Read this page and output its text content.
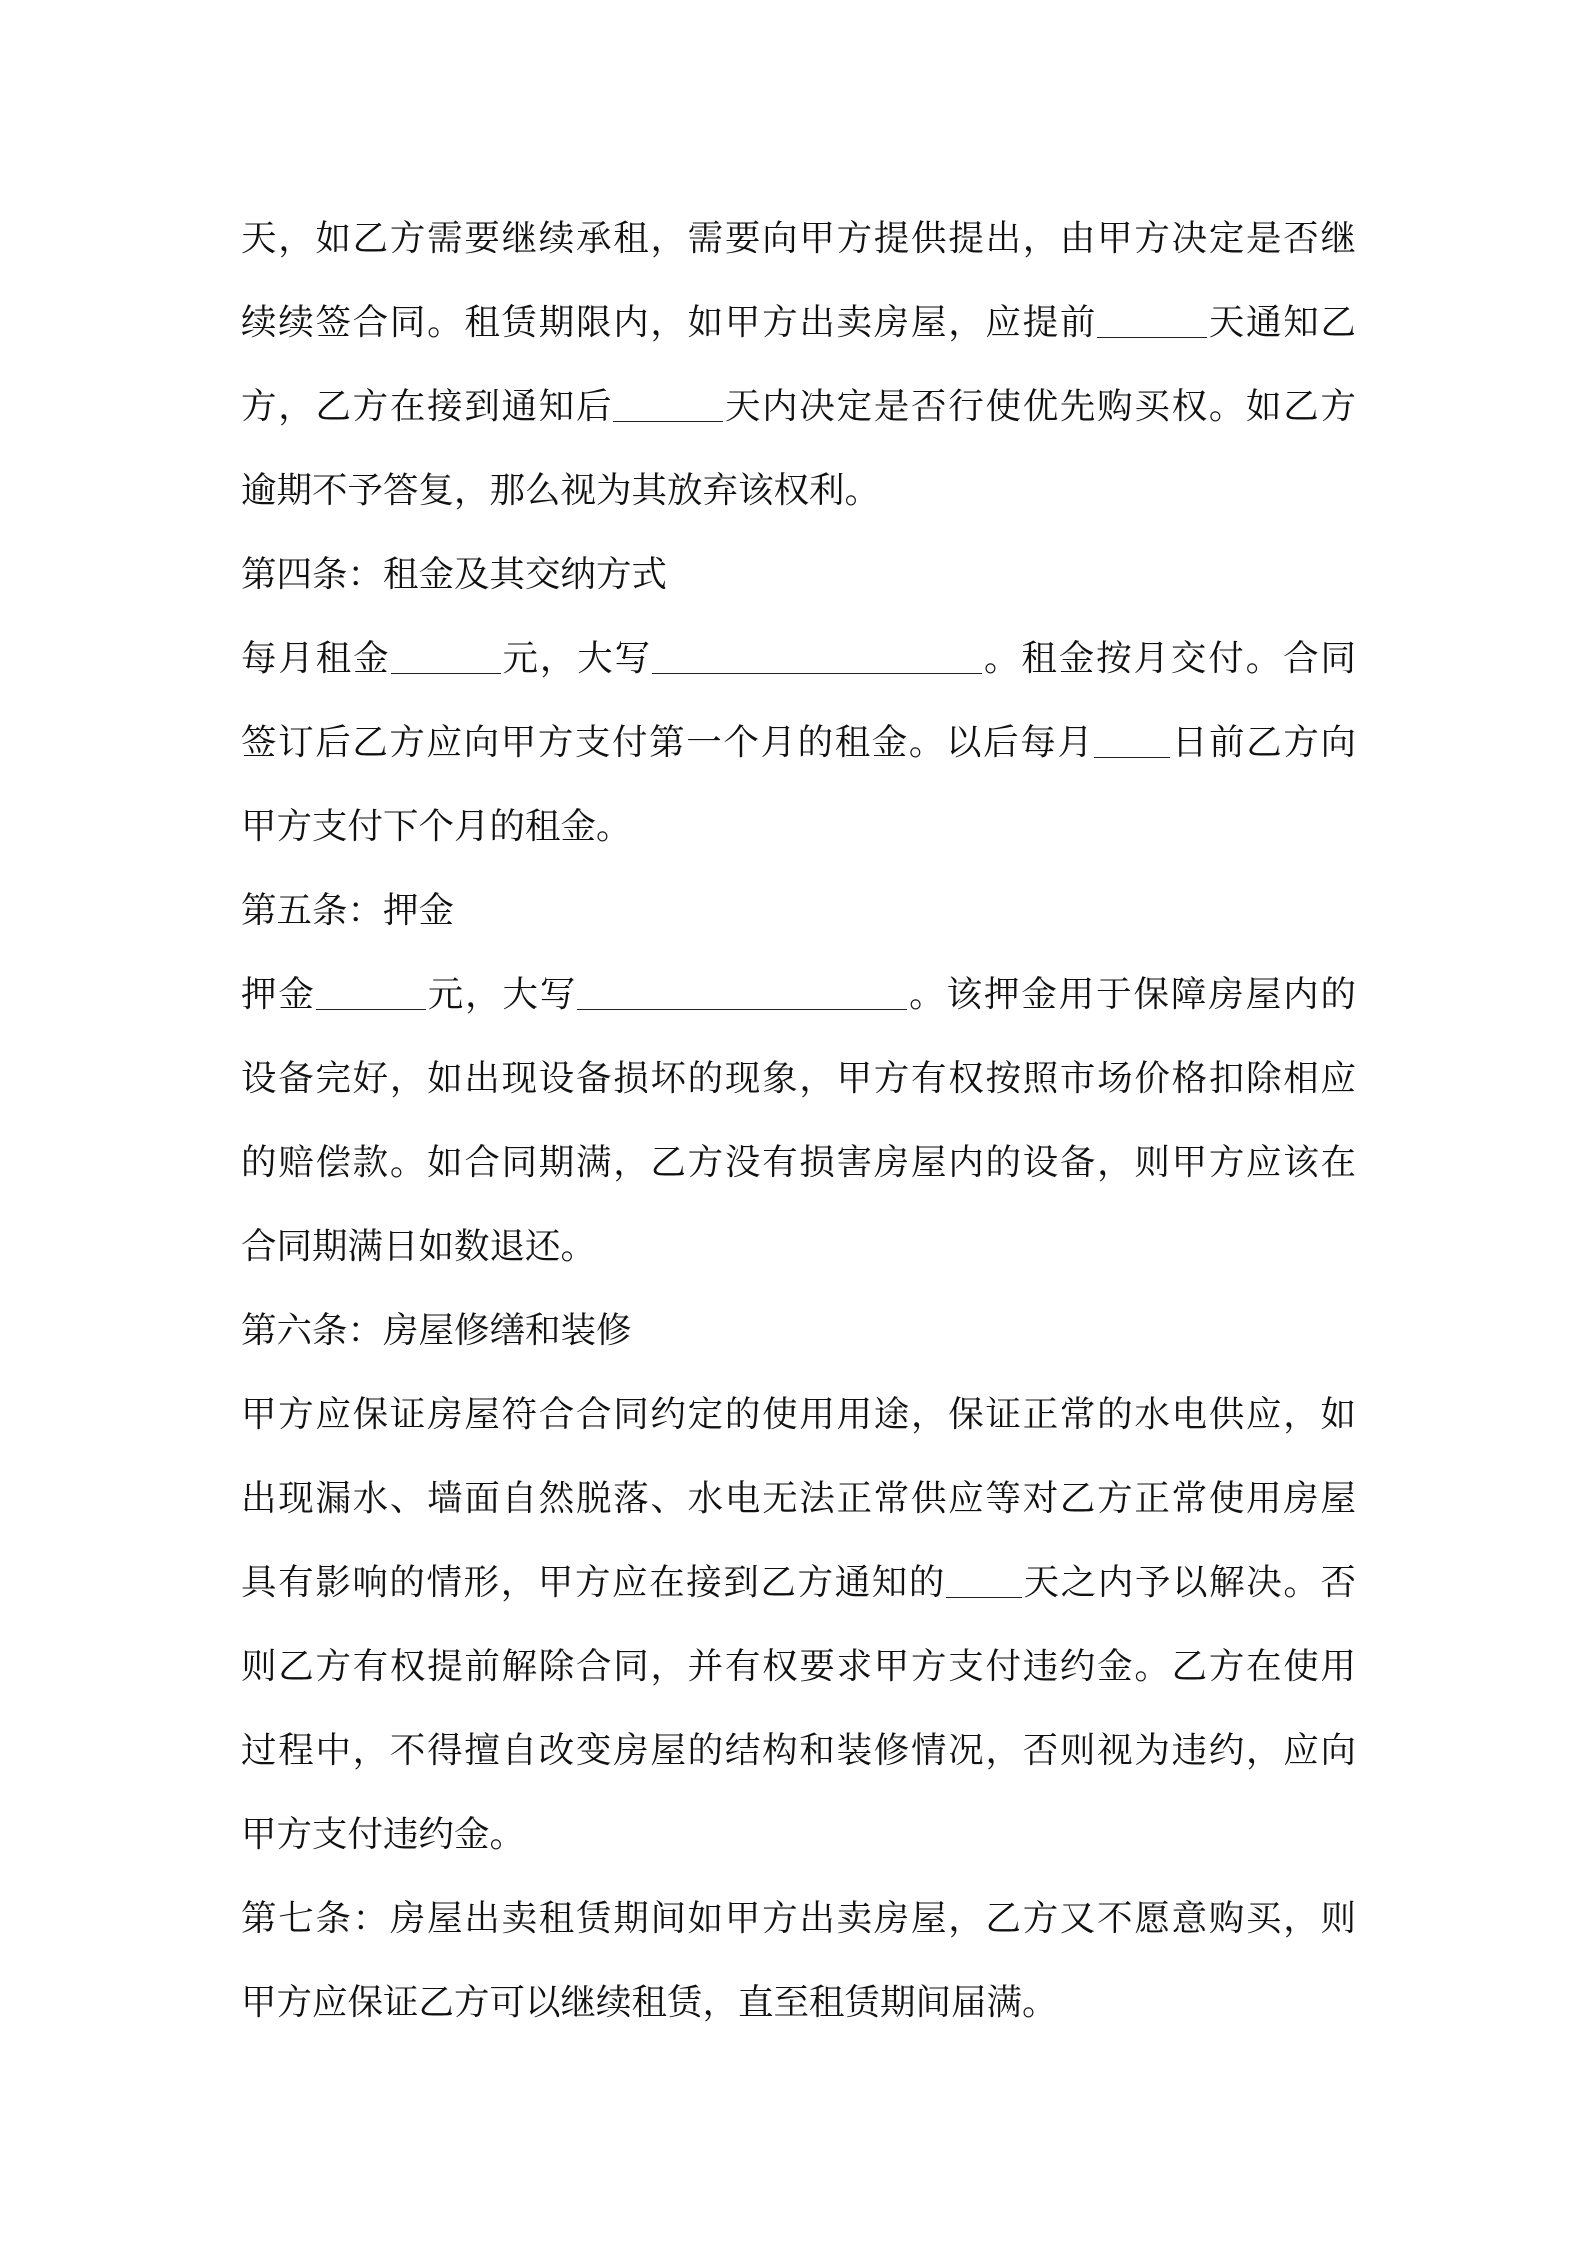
天，如乙方需要继续承租，需要向甲方提供提出，由甲方决定是否继
续续签合同。租赁期限内，如甲方出卖房屋，应提前	天通知乙
方，乙方在接到通知后	天内决定是否行使优先购买权。如乙方
逾期不予答复，那么视为其放弃该权利。
第四条：租金及其交纳方式
每月租金	元，大写	。租金按月交付。合同
签订后乙方应向甲方支付第一个月的租金。以后每月 日前乙方向
甲方支付下个月的租金。
第五条：押金
押金	元，大写	。该押金用于保障房屋内的
设备完好，如出现设备损坏的现象，甲方有权按照市场价格扣除相应
的赔偿款。如合同期满，乙方没有损害房屋内的设备，则甲方应该在
合同期满日如数退还。
第六条：房屋修缮和装修
甲方应保证房屋符合合同约定的使用用途，保证正常的水电供应，如
出现漏水、墙面自然脱落、水电无法正常供应等对乙方正常使用房屋
具有影响的情形，甲方应在接到乙方通知的 天之内予以解决。否
则乙方有权提前解除合同，并有权要求甲方支付违约金。乙方在使用
过程中，不得擅自改变房屋的结构和装修情况，否则视为违约，应向
甲方支付违约金。
第七条：房屋出卖租赁期间如甲方出卖房屋，乙方又不愿意购买，则
甲方应保证乙方可以继续租赁，直至租赁期间届满。
